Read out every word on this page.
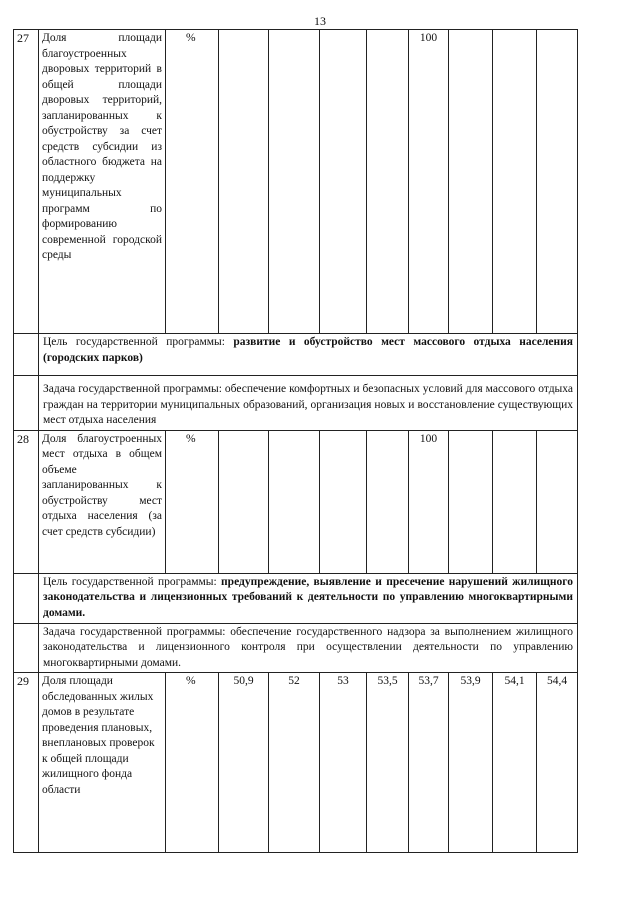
13
27	Доля площади благоустроенных дворовых территорий в общей площади дворовых территорий, запланированных к обустройству за счет средств субсидии из областного бюджета на поддержку муниципальных программ по формированию современной городской среды	%					100			
	Цель государственной программы: развитие и обустройство мест массового отдыха населения (городских парков)									
	Задача государственной программы: обеспечение комфортных и безопасных условий для массового отдыха граждан на территории муниципальных образований, организация новых и восстановление существующих мест отдыха населения									
28	Доля благоустроенных мест отдыха в общем объеме запланированных к обустройству мест отдыха населения (за счет средств субсидии)	%					100			
	Цель государственной программы: предупреждение, выявление и пресечение нарушений жилищного законодательства и лицензионных требований к деятельности по управлению многоквартирными домами.									
	Задача государственной программы: обеспечение государственного надзора за выполнением жилищного законодательства и лицензионного контроля при осуществлении деятельности по управлению многоквартирными домами.									
29	Доля площади обследованных жилых домов в результате проведения плановых, внеплановых проверок к общей площади жилищного фонда области	%	50,9	52	53	53,5	53,7	53,9	54,1	54,4
